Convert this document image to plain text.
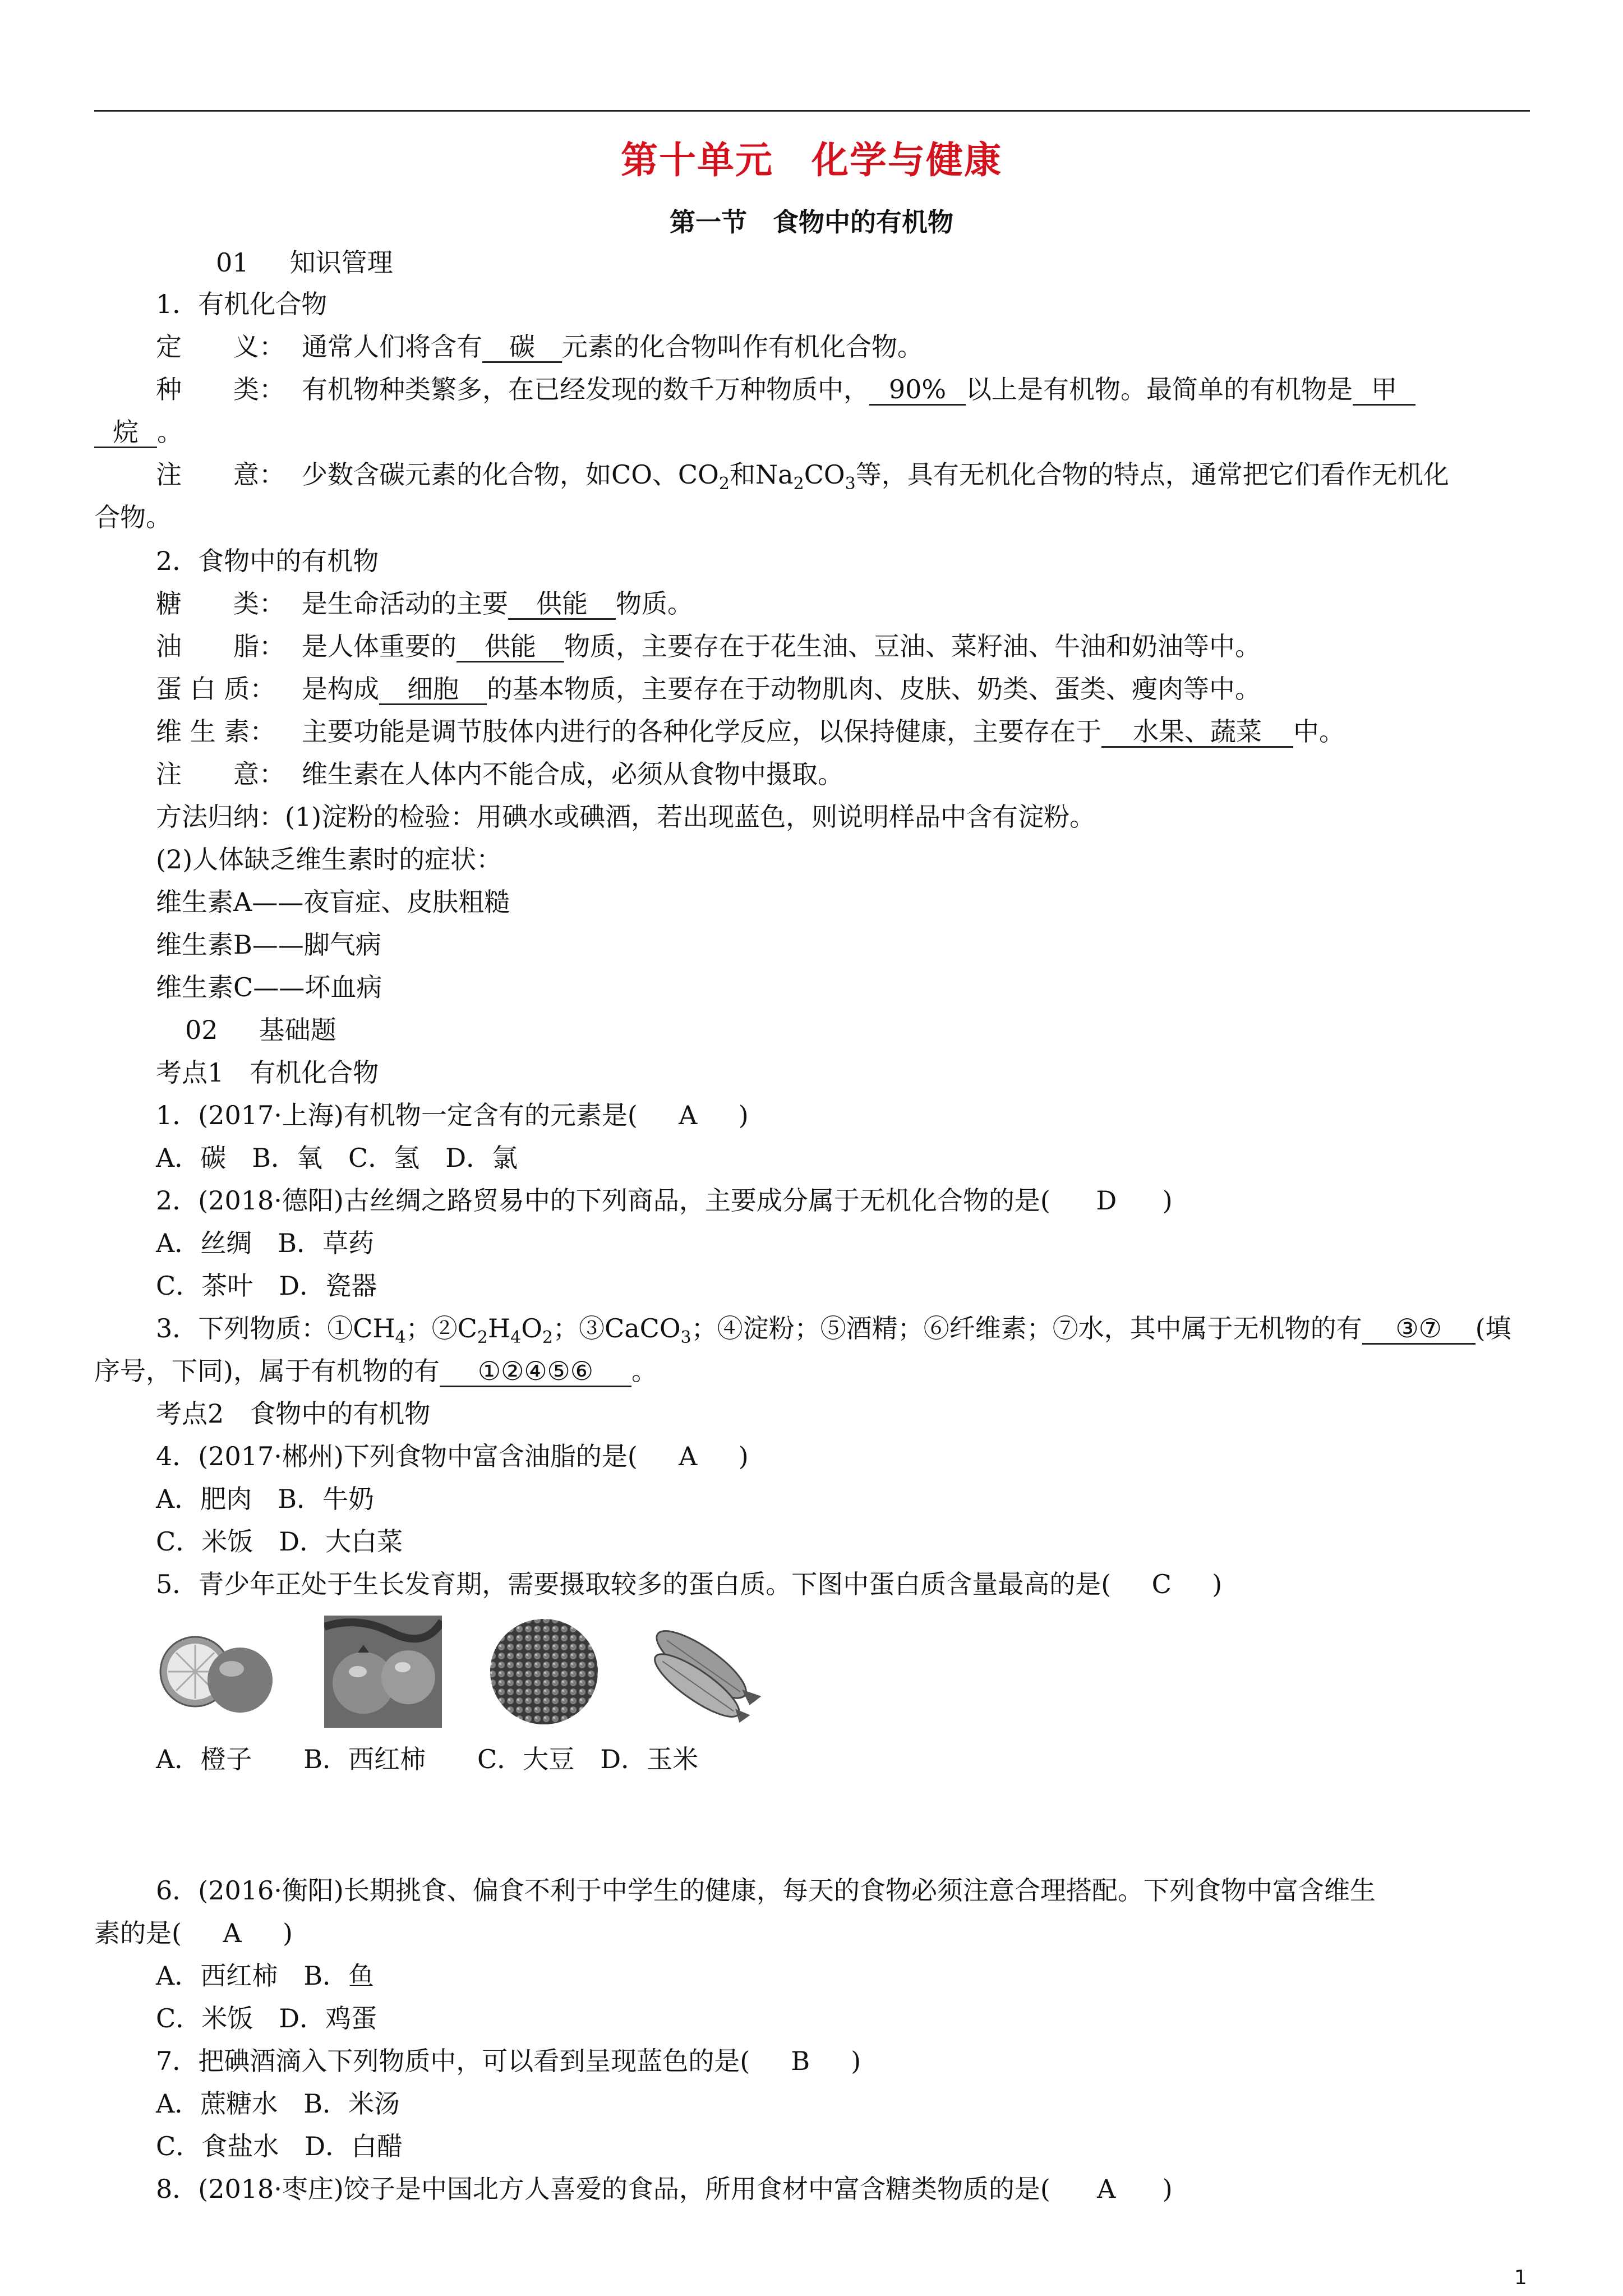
第十单元　化学与健康
第一节　食物中的有机物
01 知识管理
1．有机化合物
定　　义： 通常人们将含有 碳 元素的化合物叫作有机化合物。
种　　类： 有机物种类繁多，在已经发现的数千万种物质中， 90% 以上是有机物。最简单的有机物是 甲
烷 。
注　　意： 少数含碳元素的化合物，如CO、$CO_2$和$Na_2CO_3$等，具有无机化合物的特点，通常把它们看作无机化
合物。
2．食物中的有机物
糖　　类： 是生命活动的主要 供能 物质。
油　　脂： 是人体重要的 供能 物质，主要存在于花生油、豆油、菜籽油、牛油和奶油等中。
蛋 白 质： 是构成 细胞 的基本物质，主要存在于动物肌肉、皮肤、奶类、蛋类、瘦肉等中。
维 生 素： 主要功能是调节肢体内进行的各种化学反应，以保持健康，主要存在于 水果、蔬菜 中。
注　　意： 维生素在人体内不能合成，必须从食物中摄取。
方法归纳：(1)淀粉的检验：用碘水或碘酒，若出现蓝色，则说明样品中含有淀粉。
(2)人体缺乏维生素时的症状：
维生素A——夜盲症、皮肤粗糙
维生素B——脚气病
维生素C——坏血病
02 基础题
考点1　有机化合物
1．(2017·上海)有机物一定含有的元素是( A )
A．碳　B．氧　C．氢　D．氯
2．(2018·德阳)古丝绸之路贸易中的下列商品，主要成分属于无机化合物的是( D )
A．丝绸　B．草药
C．茶叶　D．瓷器
3．下列物质：$①CH_4$；$②C_2H_4O_2$；③CaCO$_3$；④淀粉；⑤酒精；⑥纤维素；⑦水，其中属于无机物的有 ③⑦ (填
序号，下同)，属于有机物的有 ①②④⑤⑥ 。
考点2　食物中的有机物
4．(2017·郴州)下列食物中富含油脂的是( A )
A．肥肉　B．牛奶
C．米饭　D．大白菜
5．青少年正处于生长发育期，需要摄取较多的蛋白质。下图中蛋白质含量最高的是( C )
A．橙子　　B．西红柿　　C．大豆　D．玉米
6．(2016·衡阳)长期挑食、偏食不利于中学生的健康，每天的食物必须注意合理搭配。下列食物中富含维生
素的是( A )
A．西红柿　B．鱼
C．米饭　D．鸡蛋
7．把碘酒滴入下列物质中，可以看到呈现蓝色的是( B )
A．蔗糖水　B．米汤
C．食盐水　D．白醋
8．(2018·枣庄)饺子是中国北方人喜爱的食品，所用食材中富含糖类物质的是( A )
1
